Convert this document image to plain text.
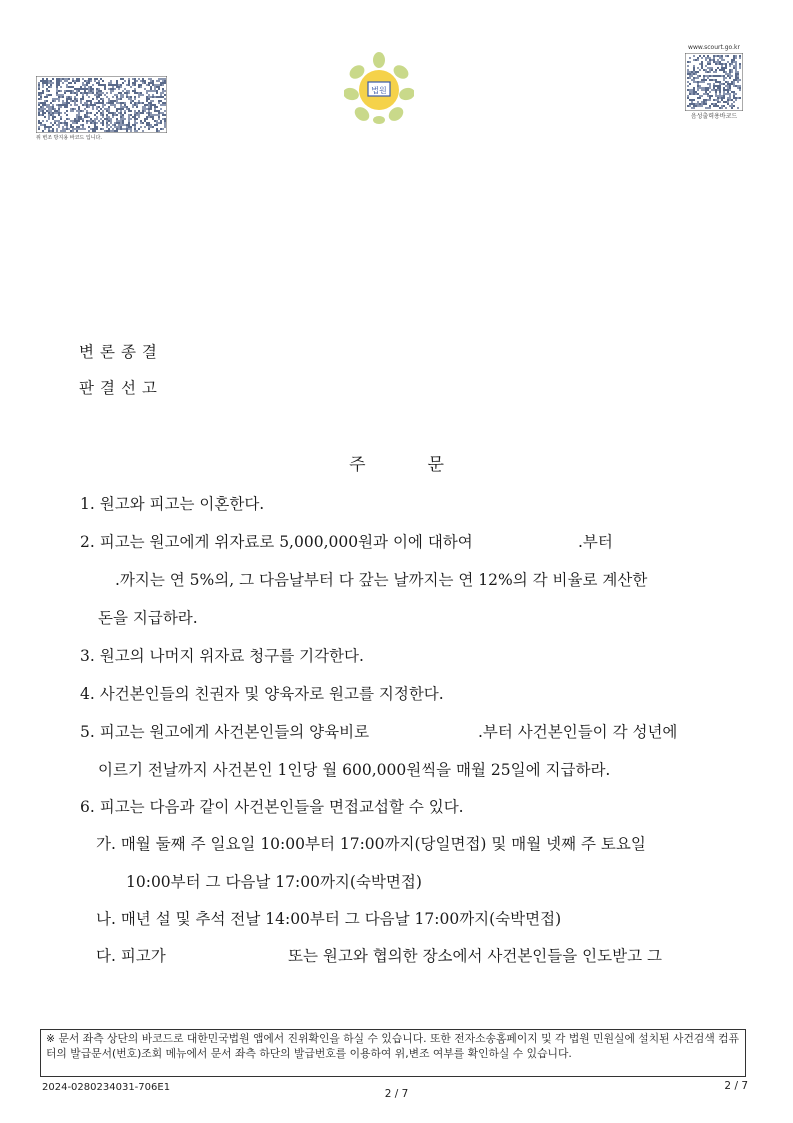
위 변조 방지용 바코드 입니다.
법원
www.scourt.go.kr
음성출력용바코드
변론종결
판결선고
주	문
1. 원고와 피고는 이혼한다.
2. 피고는 원고에게 위자료로 5,000,000원과 이에 대하여	.부터
.까지는 연 5%의, 그 다음날부터 다 갚는 날까지는 연 12%의 각 비율로 계산한
돈을 지급하라.
3. 원고의 나머지 위자료 청구를 기각한다.
4. 사건본인들의 친권자 및 양육자로 원고를 지정한다.
5. 피고는 원고에게 사건본인들의 양육비로	.부터 사건본인들이 각 성년에
이르기 전날까지 사건본인 1인당 월 600,000원씩을 매월 25일에 지급하라.
6. 피고는 다음과 같이 사건본인들을 면접교섭할 수 있다.
가. 매월 둘째 주 일요일 10:00부터 17:00까지(당일면접) 및 매월 넷째 주 토요일
10:00부터 그 다음날 17:00까지(숙박면접)
나. 매년 설 및 추석 전날 14:00부터 그 다음날 17:00까지(숙박면접)
다. 피고가	또는 원고와 협의한 장소에서 사건본인들을 인도받고 그
※ 문서 좌측 상단의 바코드로 대한민국법원 앱에서 진위확인을 하실 수 있습니다. 또한 전자소송홈페이지 및 각 법원 민원실에 설치된 사건검색 컴퓨터의 발급문서(번호)조회 메뉴에서 문서 좌측 하단의 발급번호를 이용하여 위,변조 여부를 확인하실 수 있습니다.
2024-0280234031-706E1
2 / 7
2 / 7
